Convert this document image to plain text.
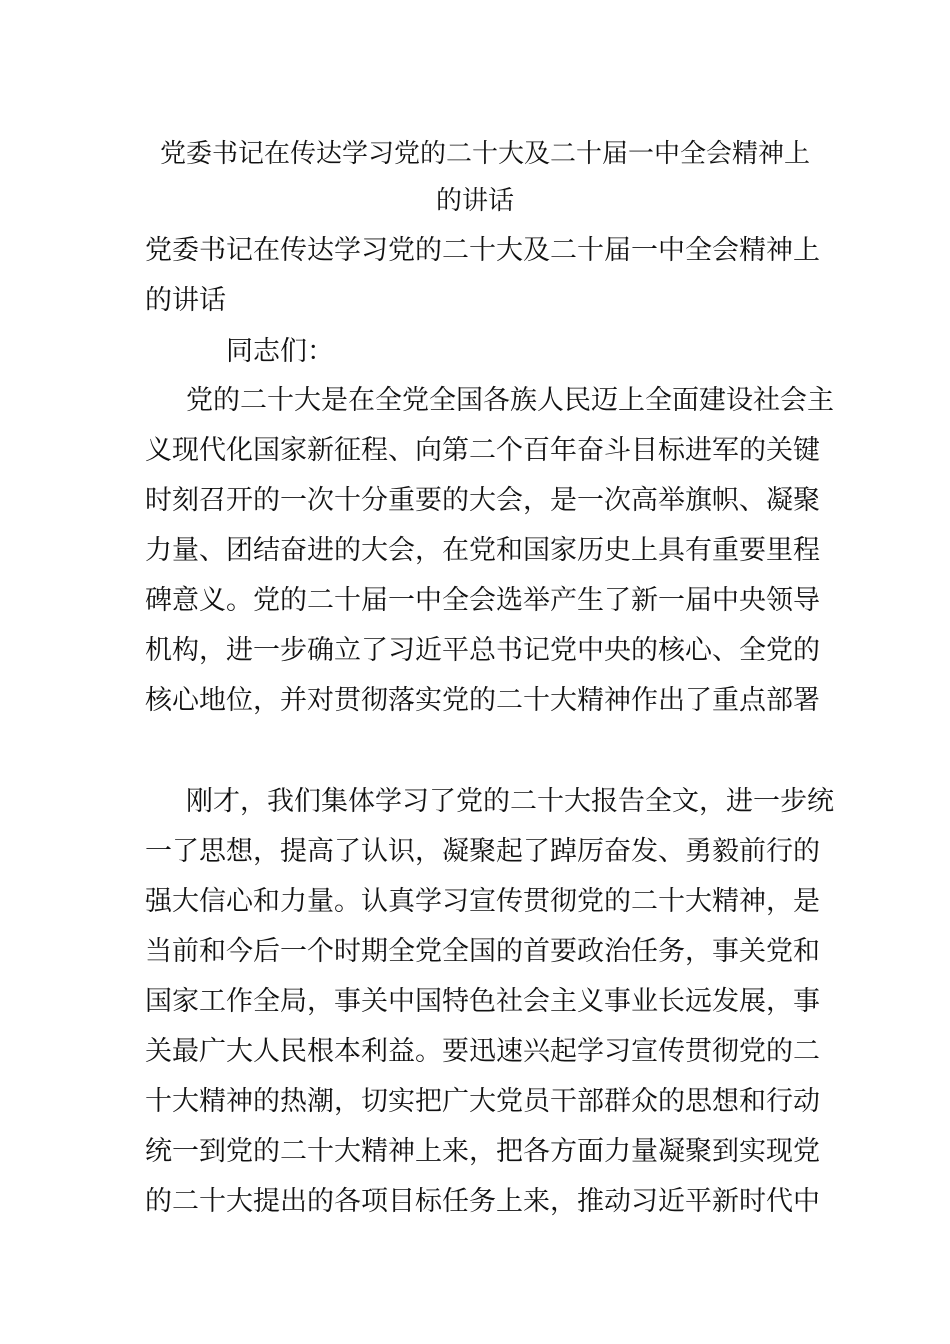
党委书记在传达学习党的二十大及二十届一中全会精神上

的讲话

党委书记在传达学习党的二十大及二十届一中全会精神上

的讲话

同志们：

党的二十大是在全党全国各族人民迈上全面建设社会主

义现代化国家新征程、向第二个百年奋斗目标进军的关键

时刻召开的一次十分重要的大会，是一次高举旗帜、凝聚

力量、团结奋进的大会，在党和国家历史上具有重要里程

碑意义。党的二十届一中全会选举产生了新一届中央领导

机构，进一步确立了习近平总书记党中央的核心、全党的

核心地位，并对贯彻落实党的二十大精神作出了重点部署

刚才，我们集体学习了党的二十大报告全文，进一步统

一了思想，提高了认识，凝聚起了踔厉奋发、勇毅前行的

强大信心和力量。认真学习宣传贯彻党的二十大精神，是

当前和今后一个时期全党全国的首要政治任务，事关党和

国家工作全局，事关中国特色社会主义事业长远发展，事

关最广大人民根本利益。要迅速兴起学习宣传贯彻党的二

十大精神的热潮，切实把广大党员干部群众的思想和行动

统一到党的二十大精神上来，把各方面力量凝聚到实现党

的二十大提出的各项目标任务上来，推动习近平新时代中
